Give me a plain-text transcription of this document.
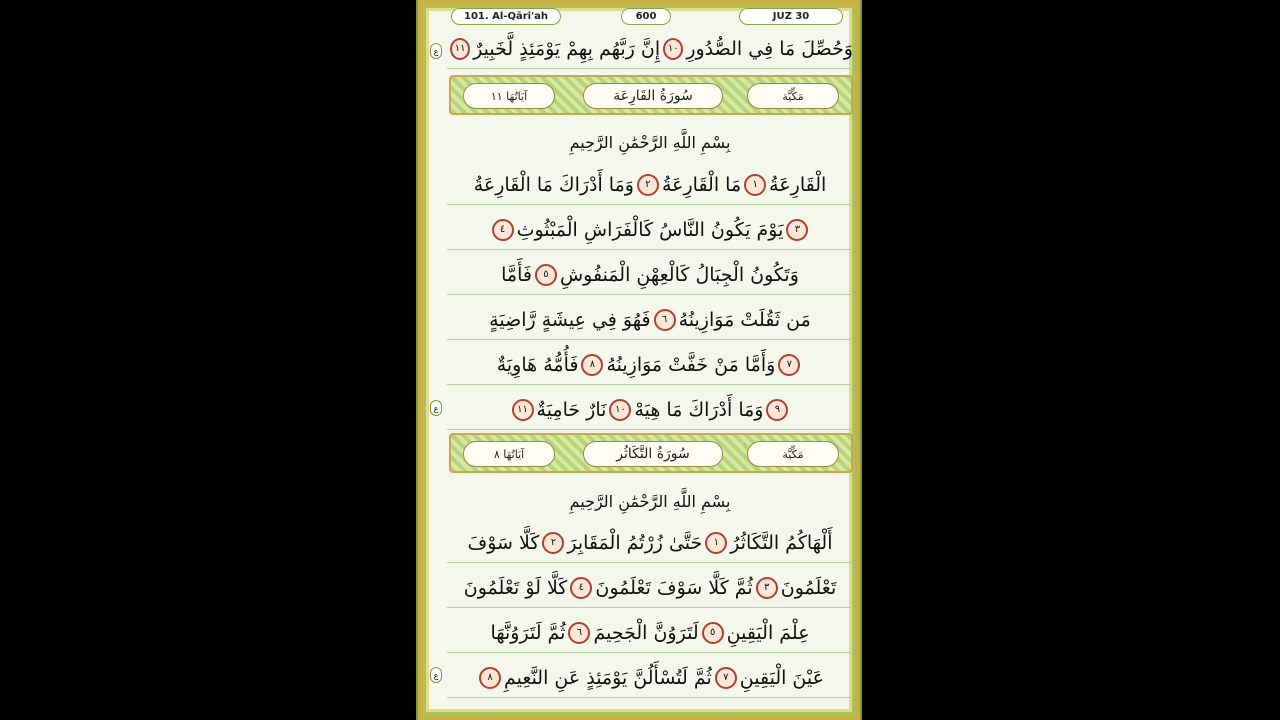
101. Al-Qāri'ah	600	JUZ 30
وَحُصِّلَ مَا فِي الصُّدُورِ
١٠
إِنَّ رَبَّهُم بِهِمْ يَوْمَئِذٍ لَّخَبِيرٌ
١١
ع
مَكِّيَّة
سُورَةُ القَارِعَة
آيَاتُهَا ١١
بِسْمِ اللَّهِ الرَّحْمَٰنِ الرَّحِيمِ
الْقَارِعَةُ
١
مَا الْقَارِعَةُ
٢
وَمَا أَدْرَاكَ مَا الْقَارِعَةُ
٣
يَوْمَ يَكُونُ النَّاسُ كَالْفَرَاشِ الْمَبْثُوثِ
٤
وَتَكُونُ الْجِبَالُ كَالْعِهْنِ الْمَنفُوشِ
٥
فَأَمَّا
مَن ثَقُلَتْ مَوَازِينُهُ
٦
فَهُوَ فِي عِيشَةٍ رَّاضِيَةٍ
٧
وَأَمَّا مَنْ خَفَّتْ مَوَازِينُهُ
٨
فَأُمُّهُ هَاوِيَةٌ
٩
وَمَا أَدْرَاكَ مَا هِيَهْ
١٠
نَارٌ حَامِيَةٌ
١١
ع
مَكِّيَّة
سُورَةُ التَّكَاثُر
آيَاتُهَا ٨
بِسْمِ اللَّهِ الرَّحْمَٰنِ الرَّحِيمِ
أَلْهَاكُمُ التَّكَاثُرُ
١
حَتَّىٰ زُرْتُمُ الْمَقَابِرَ
٢
كَلَّا سَوْفَ
تَعْلَمُونَ
٣
ثُمَّ كَلَّا سَوْفَ تَعْلَمُونَ
٤
كَلَّا لَوْ تَعْلَمُونَ
عِلْمَ الْيَقِينِ
٥
لَتَرَوُنَّ الْجَحِيمَ
٦
ثُمَّ لَتَرَوُنَّهَا
عَيْنَ الْيَقِينِ
٧
ثُمَّ لَتُسْأَلُنَّ يَوْمَئِذٍ عَنِ النَّعِيمِ
٨
ع
